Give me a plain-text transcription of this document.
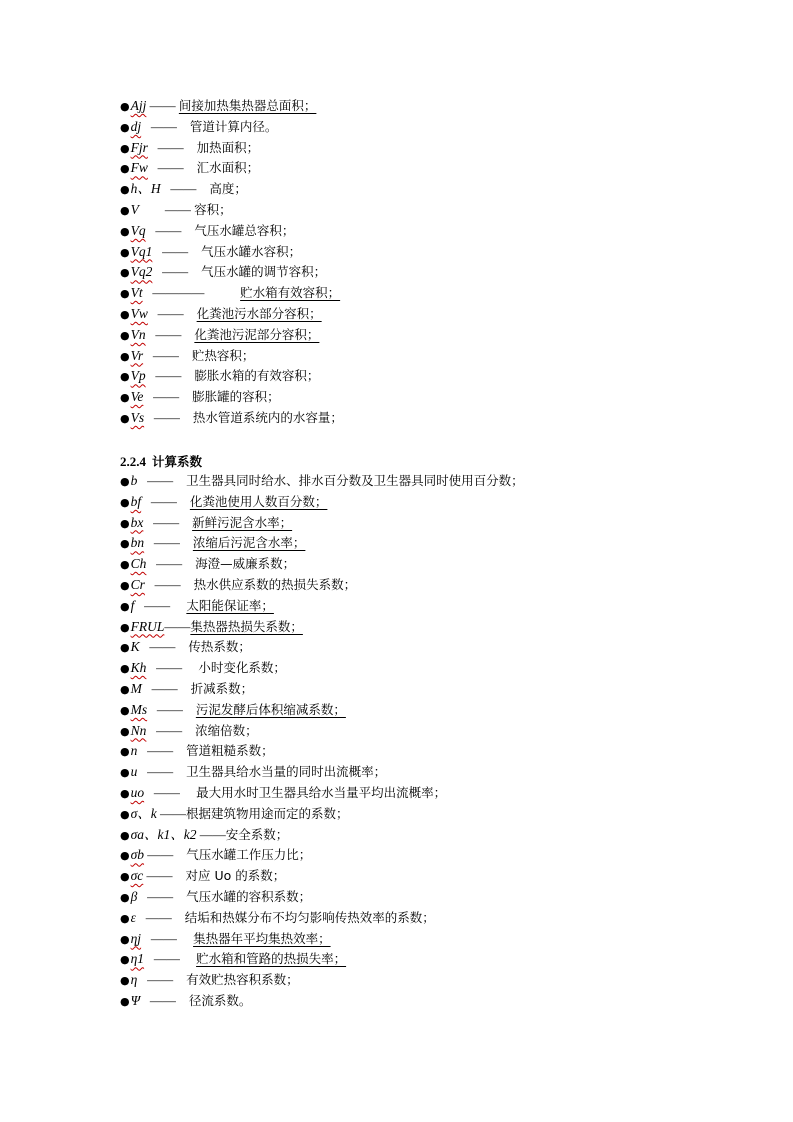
● Ajj —— 间接加热集热器总面积；
● dj —— 管道计算内径。
● Fjr —— 加热面积；
● Fw —— 汇水面积；
● h、H —— 高度；
● V —— 容积；
● Vq —— 气压水罐总容积；
● Vq1 —— 气压水罐水容积；
● Vq2 —— 气压水罐的调节容积；
● Vt ———— 贮水箱有效容积；
● Vw —— 化粪池污水部分容积；
● Vn —— 化粪池污泥部分容积；
● Vr —— 贮热容积；
● Vp —— 膨胀水箱的有效容积；
● Ve —— 膨胀罐的容积；
● Vs —— 热水管道系统内的水容量；
2.2.4 计算系数
● b —— 卫生器具同时给水、排水百分数及卫生器具同时使用百分数；
● bf —— 化粪池使用人数百分数；
● bx —— 新鲜污泥含水率；
● bn —— 浓缩后污泥含水率；
● Ch —— 海澄—威廉系数；
● Cr —— 热水供应系数的热损失系数；
● f —— 太阳能保证率；
● FRUL —— 集热器热损失系数；
● K —— 传热系数；
● Kh —— 小时变化系数；
● M —— 折减系数；
● Ms —— 污泥发酵后体积缩减系数；
● Nn —— 浓缩倍数；
● n —— 管道粗糙系数；
● u —— 卫生器具给水当量的同时出流概率；
● uo —— 最大用水时卫生器具给水当量平均出流概率；
● σ、k —— 根据建筑物用途而定的系数；
● σa、k1、k2 —— 安全系数；
● σb —— 气压水罐工作压力比；
● σc —— 对应 Uo 的系数；
● β —— 气压水罐的容积系数；
● ε —— 结垢和热媒分布不均匀影响传热效率的系数；
● ηj —— 集热器年平均集热效率；
● η1 —— 贮水箱和管路的热损失率；
● η —— 有效贮热容积系数；
● Ψ —— 径流系数。
